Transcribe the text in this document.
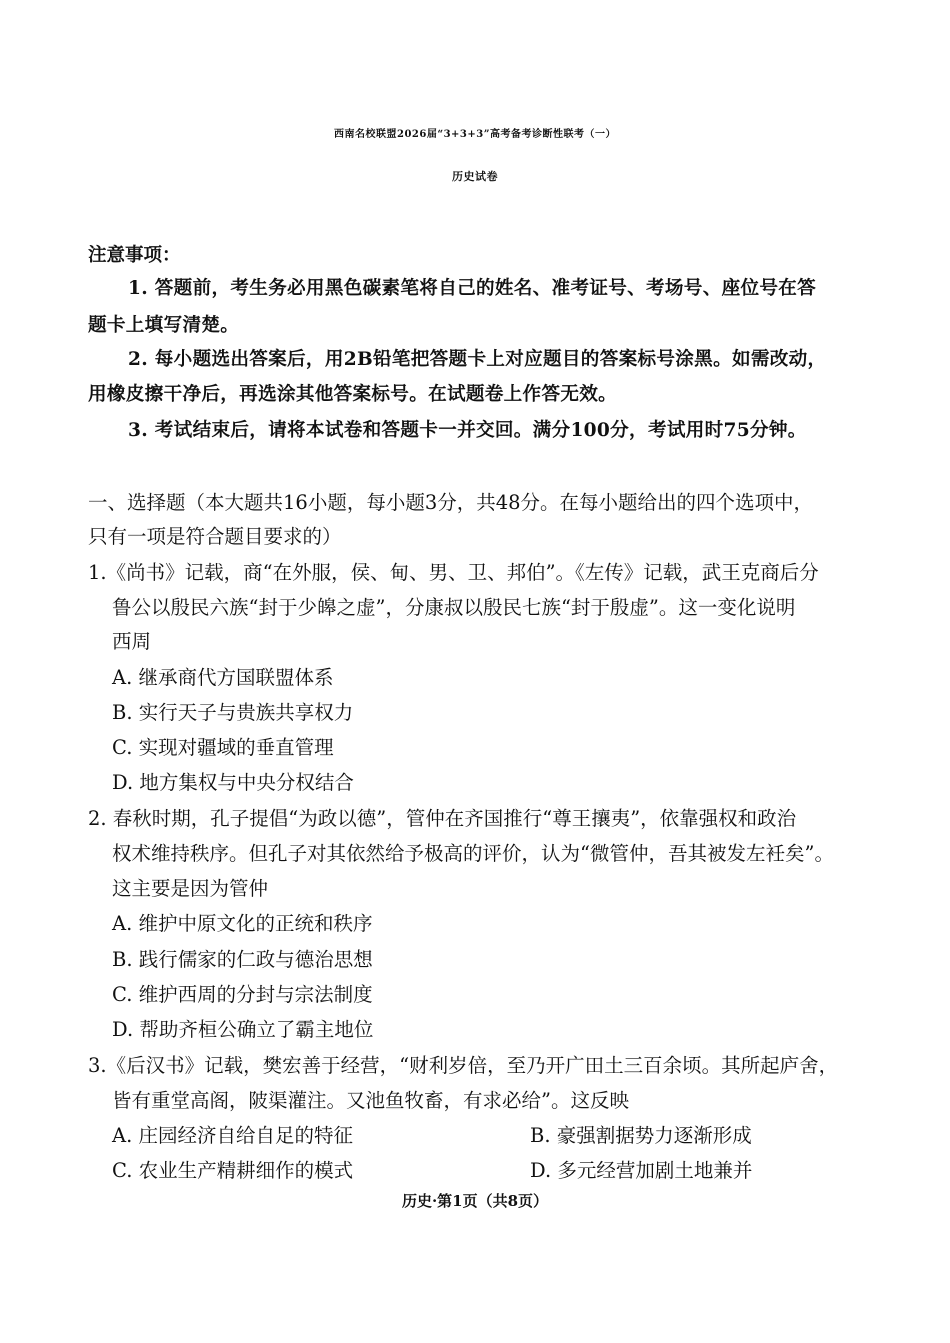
西南名校联盟2026届“3+3+3”高考备考诊断性联考（一）
历史试卷
注意事项：
1. 答题前，考生务必用黑色碳素笔将自己的姓名、准考证号、考场号、座位号在答
题卡上填写清楚。
2. 每小题选出答案后，用2B铅笔把答题卡上对应题目的答案标号涂黑。如需改动，
用橡皮擦干净后，再选涂其他答案标号。在试题卷上作答无效。
3. 考试结束后，请将本试卷和答题卡一并交回。满分100分，考试用时75分钟。
一、选择题（本大题共16小题，每小题3分，共48分。在每小题给出的四个选项中，
只有一项是符合题目要求的）
1.《尚书》记载，商“在外服，侯、甸、男、卫、邦伯”。《左传》记载，武王克商后分
鲁公以殷民六族“封于少皞之虚”，分康叔以殷民七族“封于殷虚”。这一变化说明
西周
A. 继承商代方国联盟体系
B. 实行天子与贵族共享权力
C. 实现对疆域的垂直管理
D. 地方集权与中央分权结合
2. 春秋时期，孔子提倡“为政以德”，管仲在齐国推行“尊王攘夷”，依靠强权和政治
权术维持秩序。但孔子对其依然给予极高的评价，认为“微管仲，吾其被发左衽矣”。
这主要是因为管仲
A. 维护中原文化的正统和秩序
B. 践行儒家的仁政与德治思想
C. 维护西周的分封与宗法制度
D. 帮助齐桓公确立了霸主地位
3.《后汉书》记载，樊宏善于经营，“财利岁倍，至乃开广田土三百余顷。其所起庐舍，
皆有重堂高阁，陂渠灌注。又池鱼牧畜，有求必给”。这反映
A. 庄园经济自给自足的特征	B. 豪强割据势力逐渐形成
C. 农业生产精耕细作的模式	D. 多元经营加剧土地兼并
历史·第1页（共8页）
